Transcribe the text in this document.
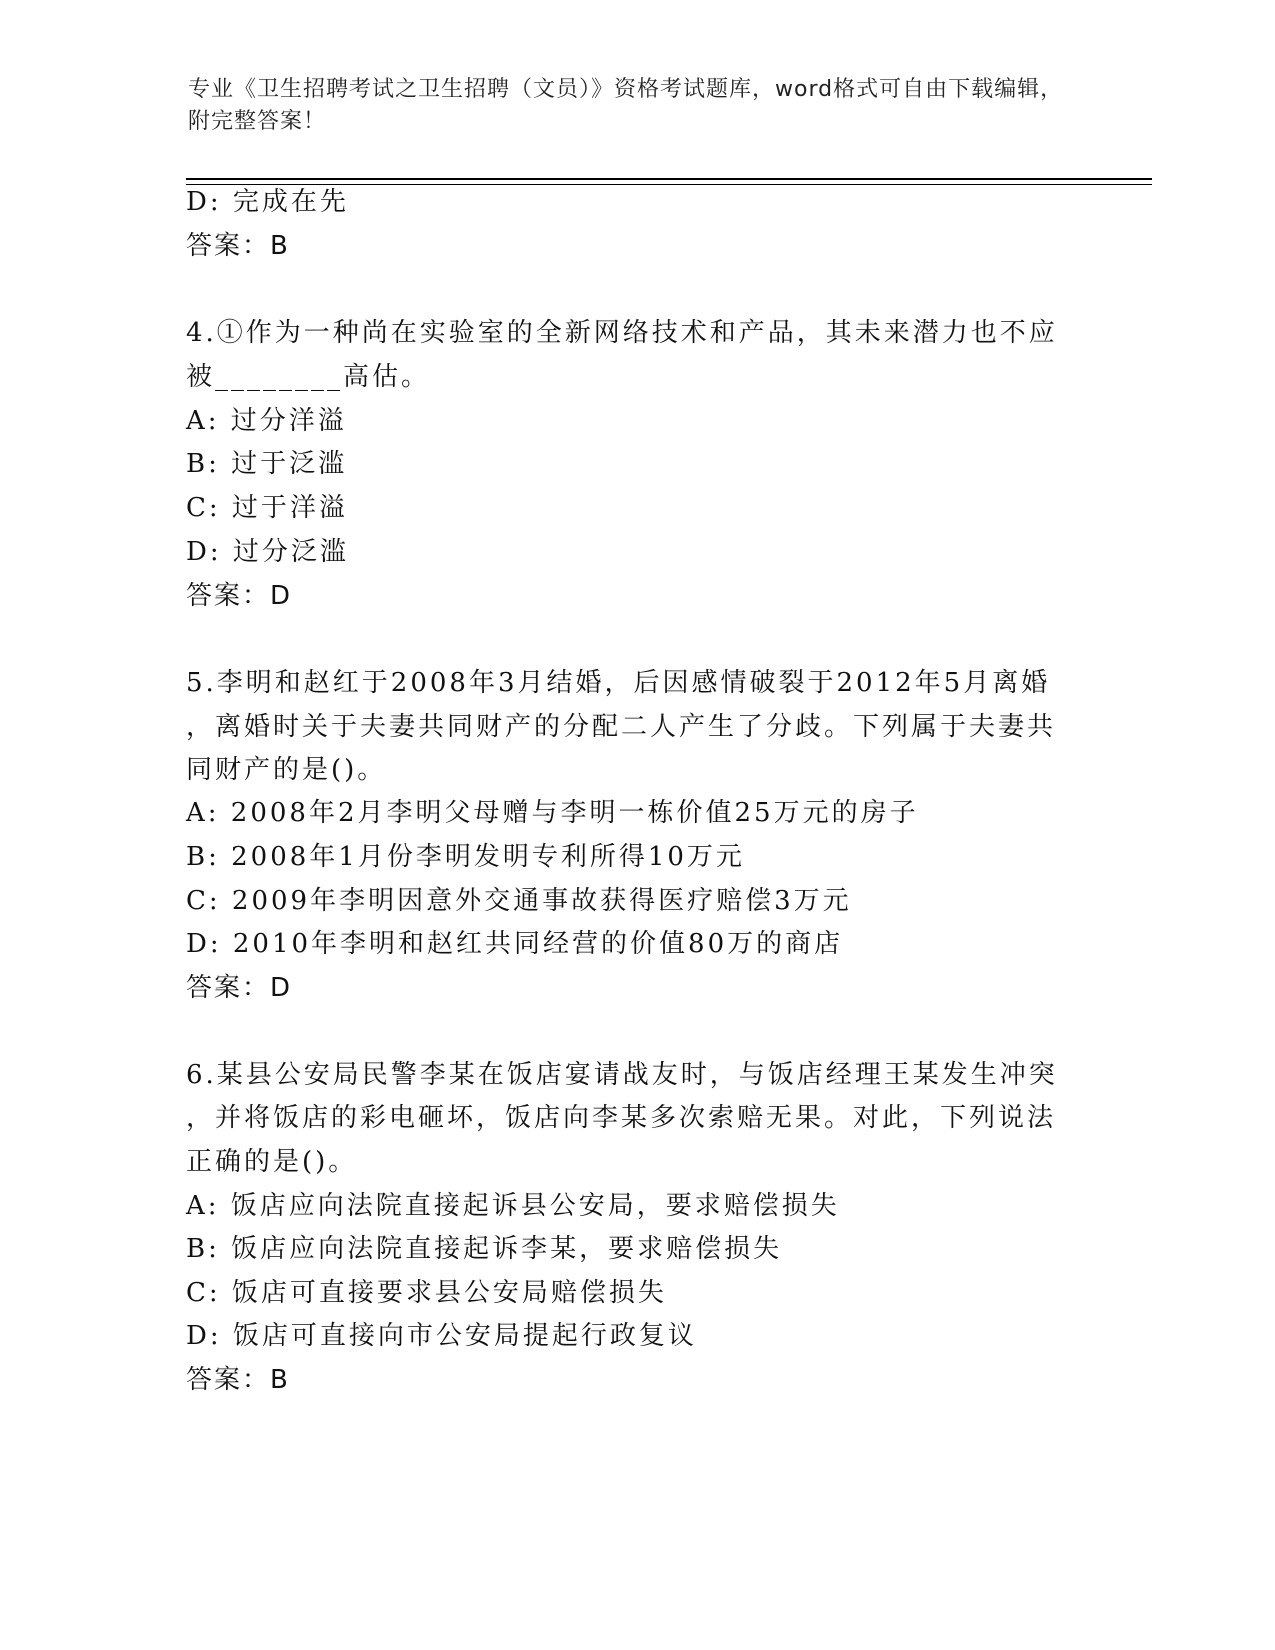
专业《卫生招聘考试之卫生招聘（文员）》资格考试题库，word格式可自由下载编辑，附完整答案！
D: 完成在先
答案：B
4.①作为一种尚在实验室的全新网络技术和产品，其未来潜力也不应
被________高估。
A: 过分洋溢
B: 过于泛滥
C: 过于洋溢
D: 过分泛滥
答案：D
5.李明和赵红于2008年3月结婚，后因感情破裂于2012年5月离婚
，离婚时关于夫妻共同财产的分配二人产生了分歧。下列属于夫妻共
同财产的是()。
A: 2008年2月李明父母赠与李明一栋价值25万元的房子
B: 2008年1月份李明发明专利所得10万元
C: 2009年李明因意外交通事故获得医疗赔偿3万元
D: 2010年李明和赵红共同经营的价值80万的商店
答案：D
6.某县公安局民警李某在饭店宴请战友时，与饭店经理王某发生冲突
，并将饭店的彩电砸坏，饭店向李某多次索赔无果。对此，下列说法
正确的是()。
A: 饭店应向法院直接起诉县公安局，要求赔偿损失
B: 饭店应向法院直接起诉李某，要求赔偿损失
C: 饭店可直接要求县公安局赔偿损失
D: 饭店可直接向市公安局提起行政复议
答案：B
